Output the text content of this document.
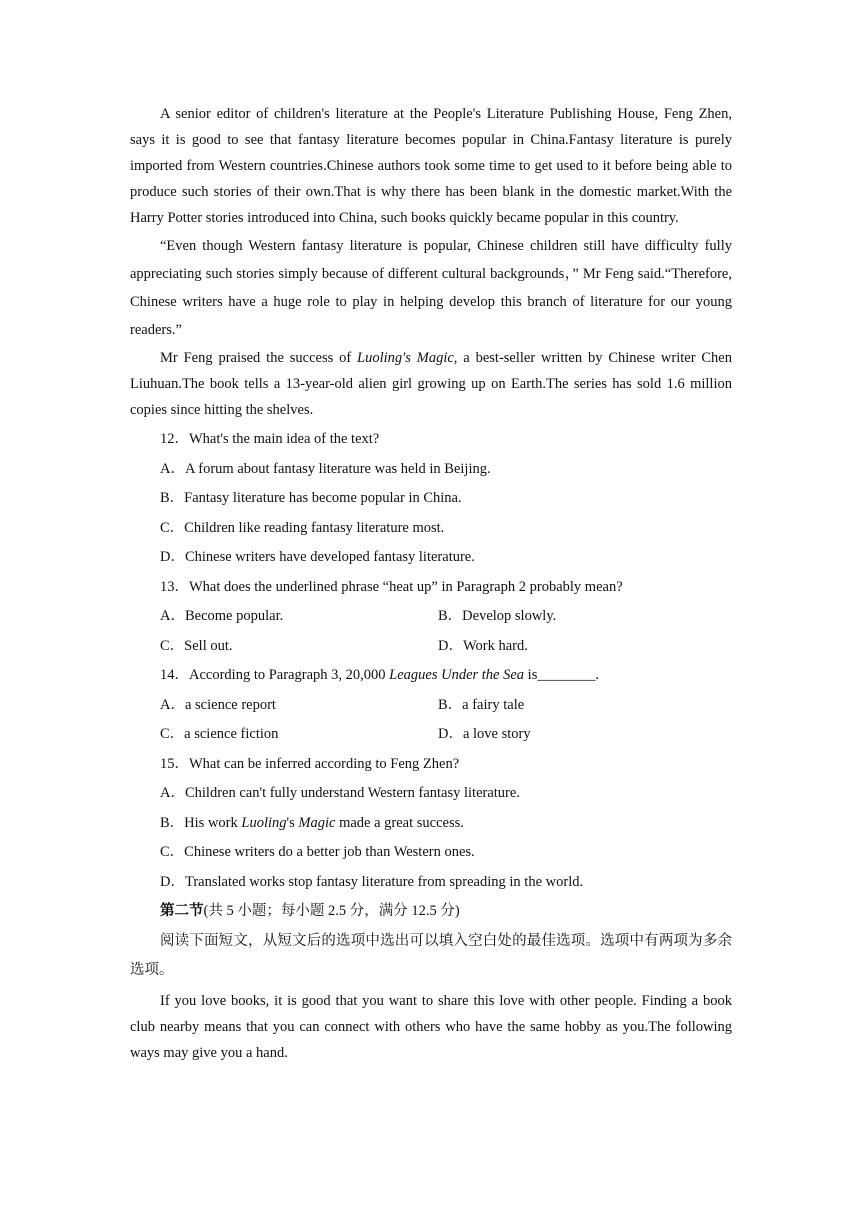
A senior editor of children's literature at the People's Literature Publishing House, Feng Zhen, says it is good to see that fantasy literature becomes popular in China.Fantasy literature is purely imported from Western countries.Chinese authors took some time to get used to it before being able to produce such stories of their own.That is why there has been blank in the domestic market.With the Harry Potter stories introduced into China, such books quickly became popular in this country.

“Even though Western fantasy literature is popular, Chinese children still have difficulty fully appreciating such stories simply because of different cultural backgrounds，” Mr Feng said.“Therefore, Chinese writers have a huge role to play in helping develop this branch of literature for our young readers.”

Mr Feng praised the success of Luoling's Magic, a best-seller written by Chinese writer Chen Liuhuan.The book tells a 13-year-old alien girl growing up on Earth.The series has sold 1.6 million copies since hitting the shelves.

12．What's the main idea of the text?

A．A forum about fantasy literature was held in Beijing.

B．Fantasy literature has become popular in China.

C．Children like reading fantasy literature most.

D．Chinese writers have developed fantasy literature.

13．What does the underlined phrase “heat up” in Paragraph 2 probably mean?

A．Become popular.	B．Develop slowly.
C．Sell out.	D．Work hard.

14．According to Paragraph 3, 20,000 Leagues Under the Sea is________.

A．a science report	B．a fairy tale
C．a science fiction	D．a love story

15．What can be inferred according to Feng Zhen?

A．Children can't fully understand Western fantasy literature.

B．His work Luoling's Magic made a great success.

C．Chinese writers do a better job than Western ones.

D．Translated works stop fantasy literature from spreading in the world.

第二节(共 5 小题；每小题 2.5 分，满分 12.5 分)

阅读下面短文，从短文后的选项中选出可以填入空白处的最佳选项。选项中有两项为多余选项。

If you love books, it is good that you want to share this love with other people. Finding a book club nearby means that you can connect with others who have the same hobby as you.The following ways may give you a hand.
